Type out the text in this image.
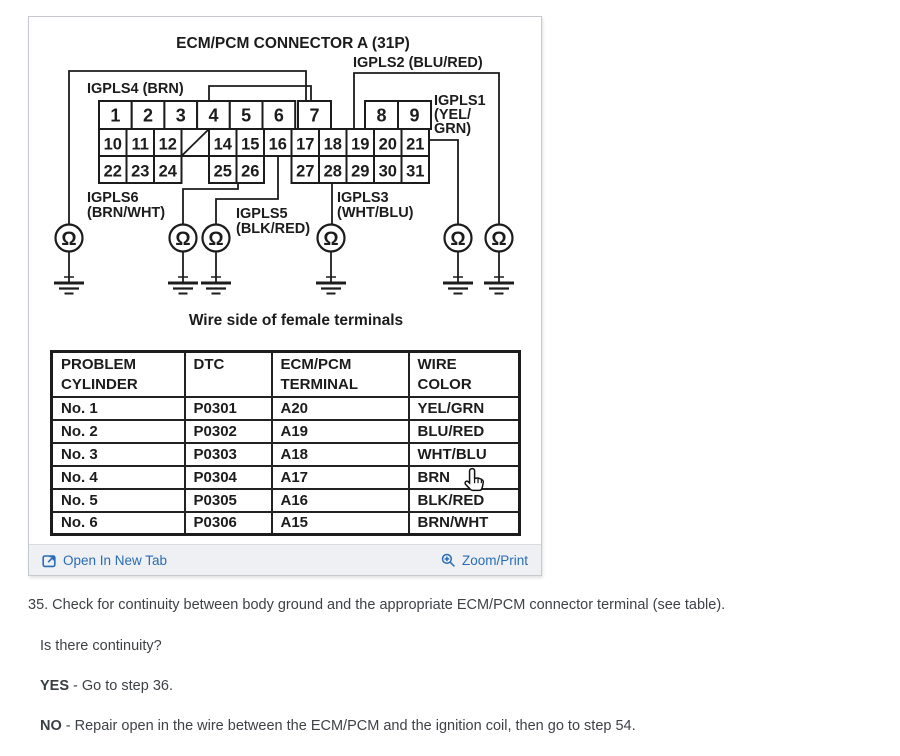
ECM/PCM CONNECTOR A (31P)
1 2 3 4 5 6 7	8 9
10 11 12 14 15 16 17 18 19 20 21
22 23 24 25 26 27 28 29 30 31
IGPLS4 (BRN)
IGPLS2 (BLU/RED)
IGPLS1
(YEL/
GRN)
IGPLS6
(BRN/WHT)	IGPLS5
(BLK/RED)
IGPLS3
(WHT/BLU)
Ω	Ω Ω	Ω	Ω Ω
Wire side of female terminals
PROBLEM CYLINDER	DTC	ECM/PCM TERMINAL	WIRE COLOR
No. 1	P0301	A20	YEL/GRN
No. 2	P0302	A19	BLU/RED
No. 3	P0303	A18	WHT/BLU
No. 4	P0304	A17	BRN
No. 5	P0305	A16	BLK/RED
No. 6	P0306	A15	BRN/WHT
Open In New Tab	Zoom/Print
35. Check for continuity between body ground and the appropriate ECM/PCM connector terminal (see table).
Is there continuity?
YES - Go to step 36.
NO - Repair open in the wire between the ECM/PCM and the ignition coil, then go to step 54.
